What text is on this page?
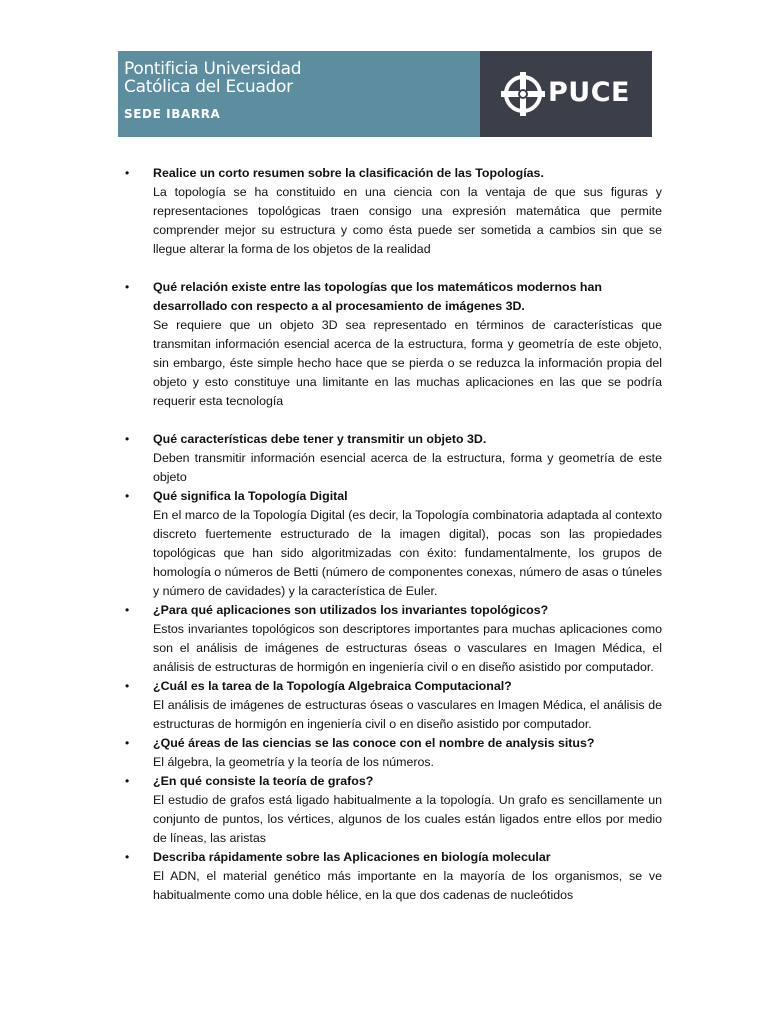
Pontificia Universidad
Católica del Ecuador
SEDE IBARRA
PUCE
• Realice un corto resumen sobre la clasificación de las Topologías.
La topología se ha constituido en una ciencia con la ventaja de que sus figuras y representaciones topológicas traen consigo una expresión matemática que permite comprender mejor su estructura y como ésta puede ser sometida a cambios sin que se llegue alterar la forma de los objetos de la realidad
• Qué relación existe entre las topologías que los matemáticos modernos han desarrollado con respecto a al procesamiento de imágenes 3D.
Se requiere que un objeto 3D sea representado en términos de características que transmitan información esencial acerca de la estructura, forma y geometría de este objeto, sin embargo, éste simple hecho hace que se pierda o se reduzca la información propia del objeto y esto constituye una limitante en las muchas aplicaciones en las que se podría requerir esta tecnología
• Qué características debe tener y transmitir un objeto 3D.
Deben transmitir información esencial acerca de la estructura, forma y geometría de este objeto
• Qué significa la Topología Digital
En el marco de la Topología Digital (es decir, la Topología combinatoria adaptada al contexto discreto fuertemente estructurado de la imagen digital), pocas son las propiedades topológicas que han sido algoritmizadas con éxito: fundamentalmente, los grupos de homología o números de Betti (número de componentes conexas, número de asas o túneles y número de cavidades) y la característica de Euler.
• ¿Para qué aplicaciones son utilizados los invariantes topológicos?
Estos invariantes topológicos son descriptores importantes para muchas aplicaciones como son el análisis de imágenes de estructuras óseas o vasculares en Imagen Médica, el análisis de estructuras de hormigón en ingeniería civil o en diseño asistido por computador.
• ¿Cuál es la tarea de la Topología Algebraica Computacional?
El análisis de imágenes de estructuras óseas o vasculares en Imagen Médica, el análisis de estructuras de hormigón en ingeniería civil o en diseño asistido por computador.
• ¿Qué áreas de las ciencias se las conoce con el nombre de analysis situs?
El álgebra, la geometría y la teoría de los números.
• ¿En qué consiste la teoría de grafos?
El estudio de grafos está ligado habitualmente a la topología. Un grafo es sencillamente un conjunto de puntos, los vértices, algunos de los cuales están ligados entre ellos por medio de líneas, las aristas
• Describa rápidamente sobre las Aplicaciones en biología molecular
El ADN, el material genético más importante en la mayoría de los organismos, se ve habitualmente como una doble hélice, en la que dos cadenas de nucleótidos
